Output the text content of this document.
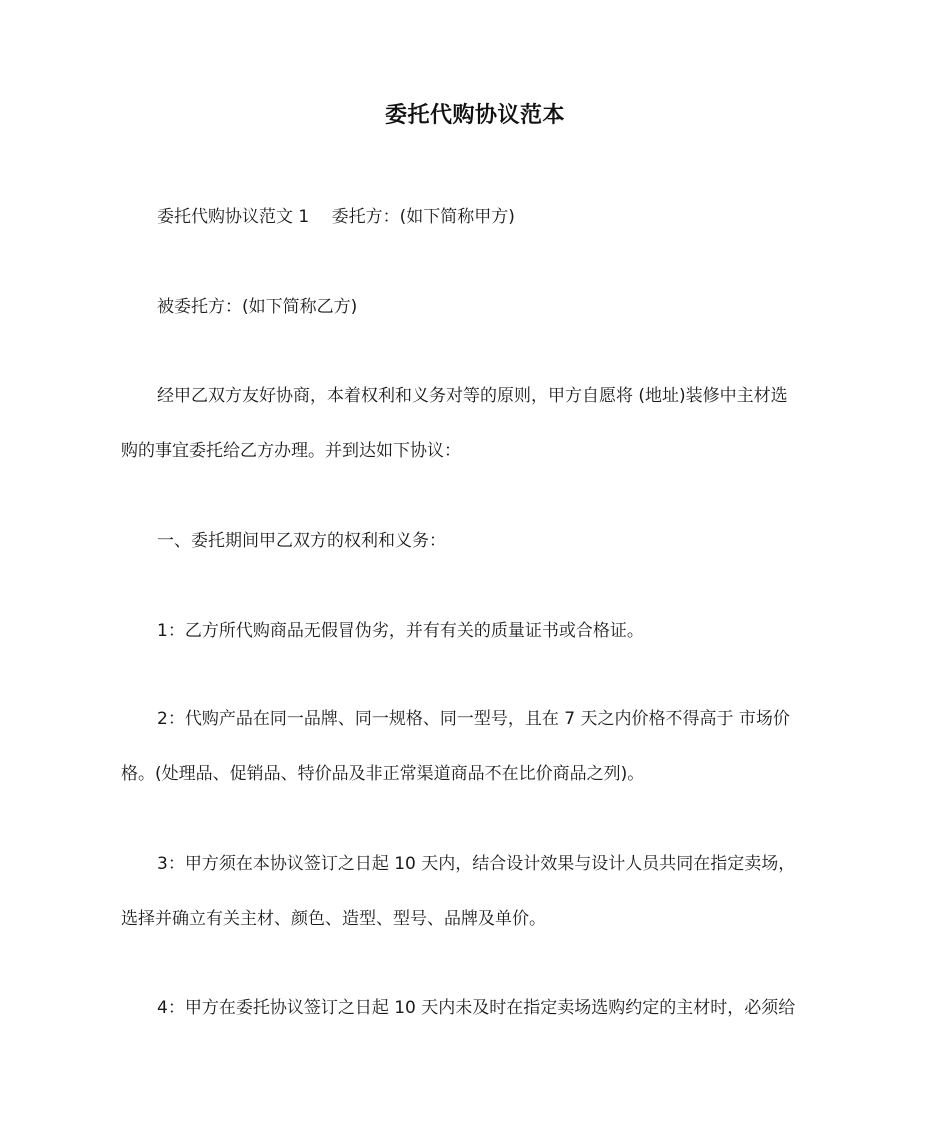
委托代购协议范本
委托代购协议范文 1　 委托方：(如下简称甲方)
被委托方：(如下简称乙方)
经甲乙双方友好协商，本着权利和义务对等的原则，甲方自愿将 (地址)装修中主材选
购的事宜委托给乙方办理。并到达如下协议：
一、委托期间甲乙双方的权利和义务：
1：乙方所代购商品无假冒伪劣，并有有关的质量证书或合格证。
2：代购产品在同一品牌、同一规格、同一型号，且在 7 天之内价格不得高于 市场价
格。(处理品、促销品、特价品及非正常渠道商品不在比价商品之列)。
3：甲方须在本协议签订之日起 10 天内，结合设计效果与设计人员共同在指定卖场，
选择并确立有关主材、颜色、造型、型号、品牌及单价。
4：甲方在委托协议签订之日起 10 天内未及时在指定卖场选购约定的主材时，必须给
